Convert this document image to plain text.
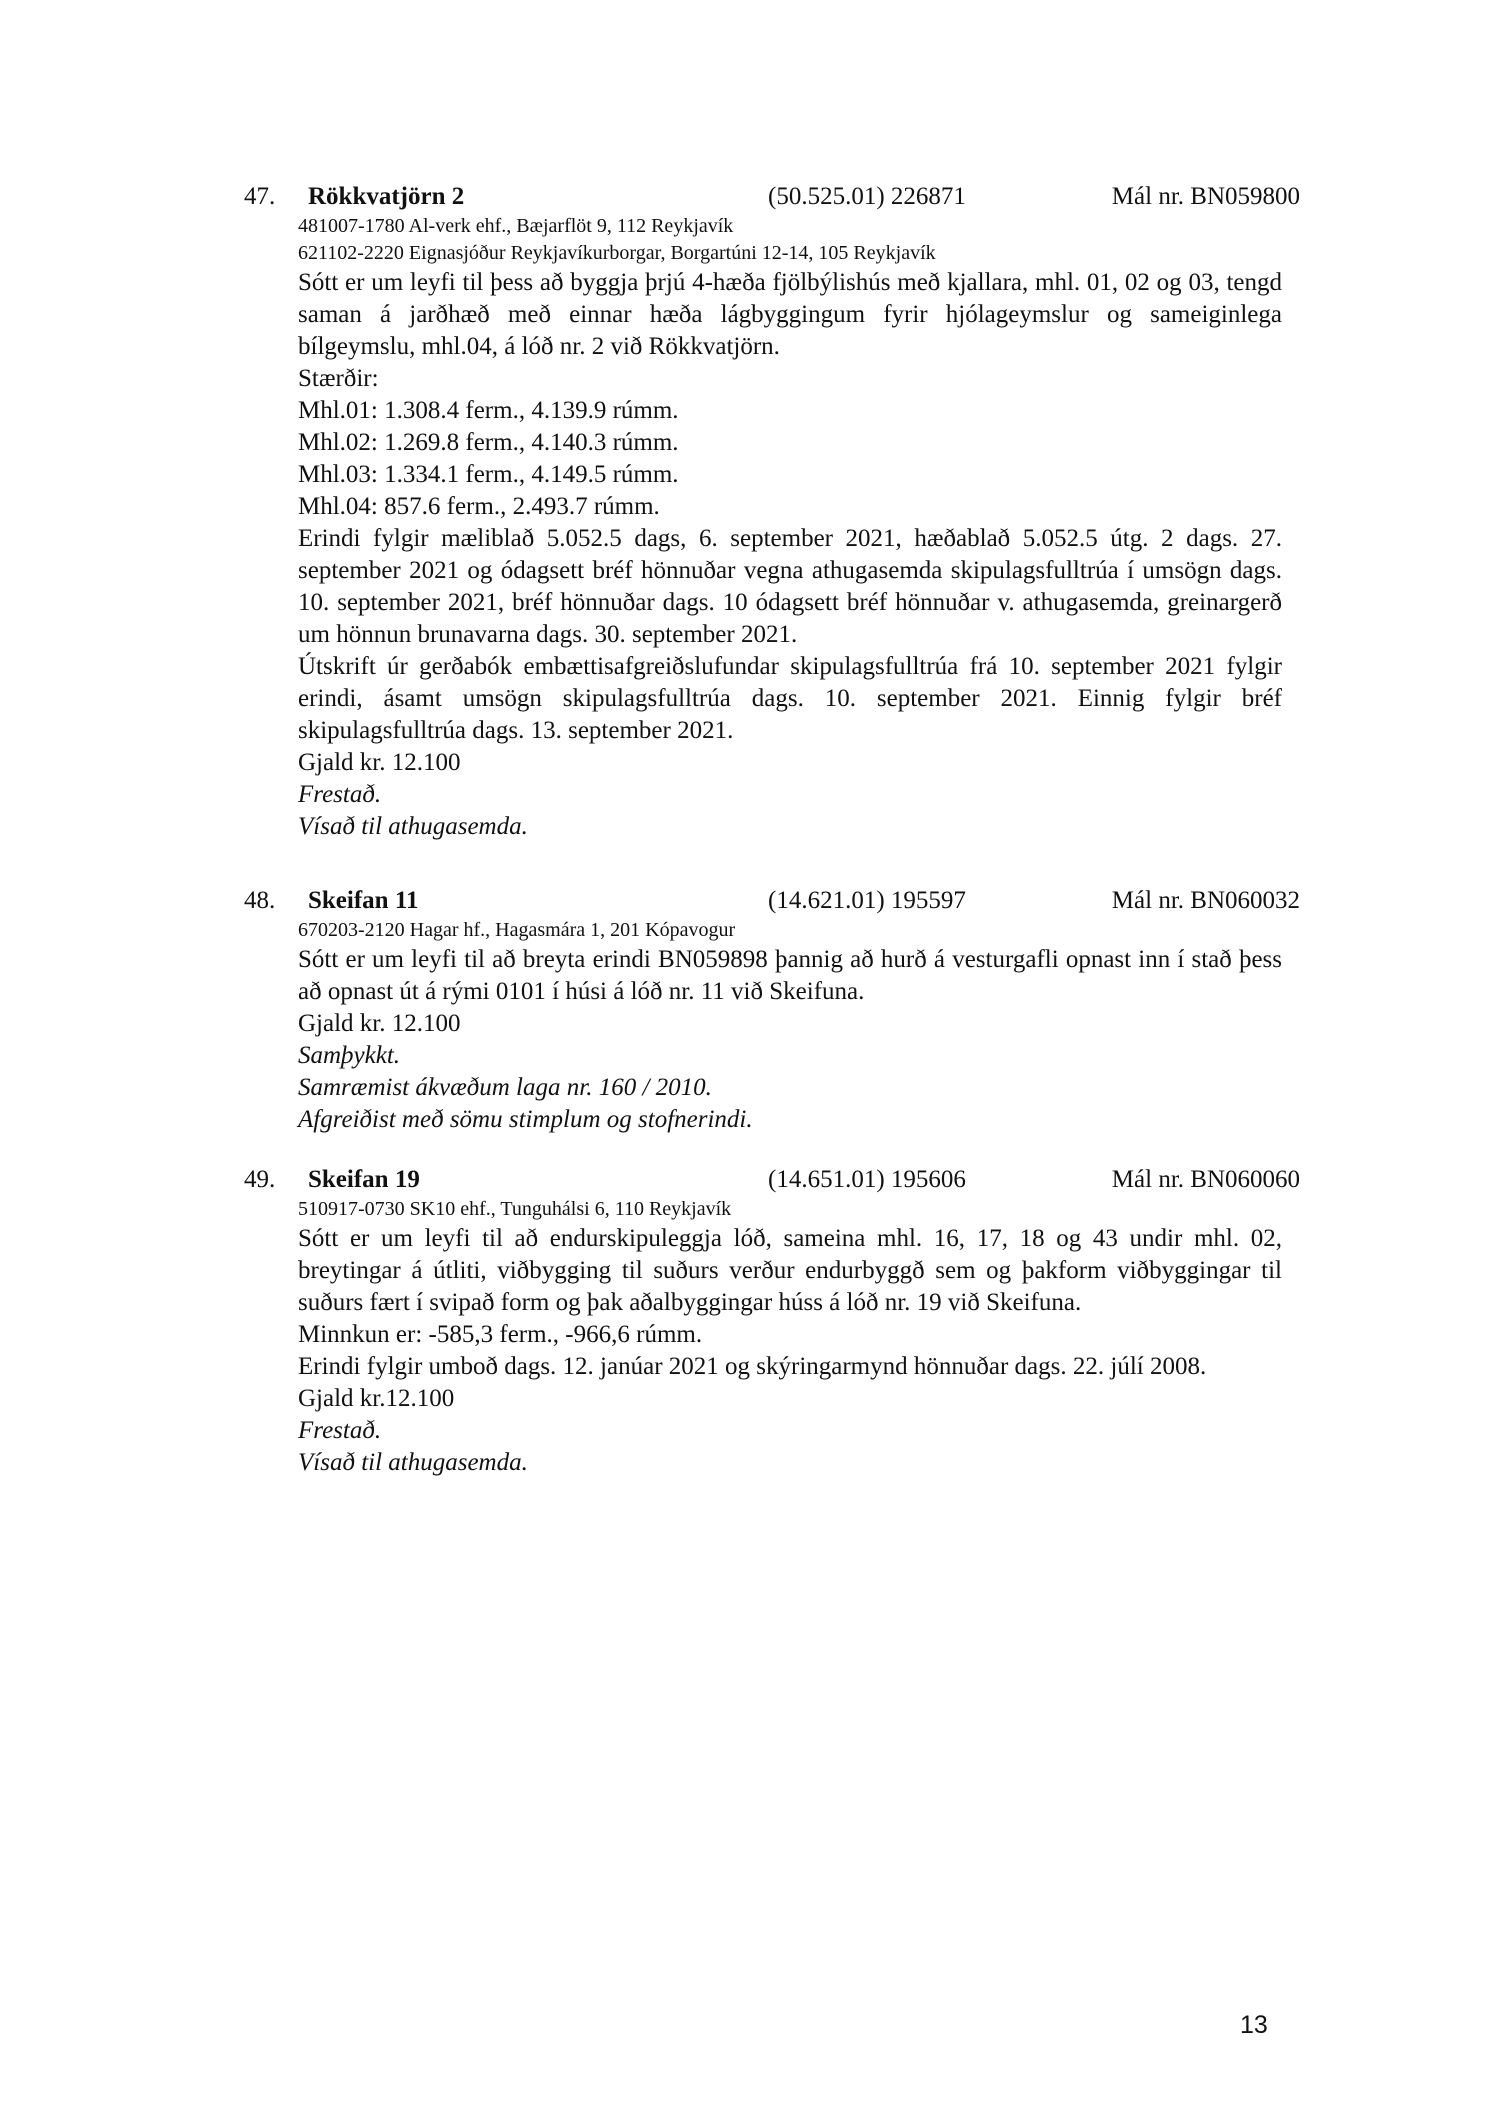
47. Rökkvatjörn 2	(50.525.01) 226871	Mál nr. BN059800
481007-1780 Al-verk ehf., Bæjarflöt 9, 112 Reykjavík
621102-2220 Eignasjóður Reykjavíkurborgar, Borgartúni 12-14, 105 Reykjavík
Sótt er um leyfi til þess að byggja þrjú 4-hæða fjölbýlishús með kjallara, mhl. 01, 02 og 03, tengd saman á jarðhæð með einnar hæða lágbyggingum fyrir hjólageymslur og sameiginlega bílgeymslu, mhl.04, á lóð nr. 2 við Rökkvatjörn.
Stærðir:
Mhl.01: 1.308.4 ferm., 4.139.9 rúmm.
Mhl.02: 1.269.8 ferm., 4.140.3 rúmm.
Mhl.03: 1.334.1 ferm., 4.149.5 rúmm.
Mhl.04: 857.6 ferm., 2.493.7 rúmm.
Erindi fylgir mæliblað 5.052.5 dags, 6. september 2021, hæðablað 5.052.5 útg. 2 dags. 27. september 2021 og ódagsett bréf hönnuðar vegna athugasemda skipulagsfulltrúa í umsögn dags. 10. september 2021, bréf hönnuðar dags. 10 ódagsett bréf hönnuðar v. athugasemda, greinargerð um hönnun brunavarna dags. 30. september 2021.
Útskrift úr gerðabók embættisafgreiðslufundar skipulagsfulltrúa frá 10. september 2021 fylgir erindi, ásamt umsögn skipulagsfulltrúa dags. 10. september 2021. Einnig fylgir bréf skipulagsfulltrúa dags. 13. september 2021.
Gjald kr. 12.100
Frestað.
Vísað til athugasemda.
48. Skeifan 11	(14.621.01) 195597	Mál nr. BN060032
670203-2120 Hagar hf., Hagasmára 1, 201 Kópavogur
Sótt er um leyfi til að breyta erindi BN059898 þannig að hurð á vesturgafli opnast inn í stað þess að opnast út á rými 0101 í húsi á lóð nr. 11 við Skeifuna.
Gjald kr. 12.100
Samþykkt.
Samræmist ákvæðum laga nr. 160 / 2010.
Afgreiðist með sömu stimplum og stofnerindi.
49. Skeifan 19	(14.651.01) 195606	Mál nr. BN060060
510917-0730 SK10 ehf., Tunguhálsi 6, 110 Reykjavík
Sótt er um leyfi til að endurskipuleggja lóð, sameina mhl. 16, 17, 18 og 43 undir mhl. 02, breytingar á útliti, viðbygging til suðurs verður endurbyggð sem og þakform viðbyggingar til suðurs fært í svipað form og þak aðalbyggingar húss á lóð nr. 19 við Skeifuna.
Minnkun er: -585,3 ferm., -966,6 rúmm.
Erindi fylgir umboð dags. 12. janúar 2021 og skýringarmynd hönnuðar dags. 22. júlí 2008.
Gjald kr.12.100
Frestað.
Vísað til athugasemda.
13
